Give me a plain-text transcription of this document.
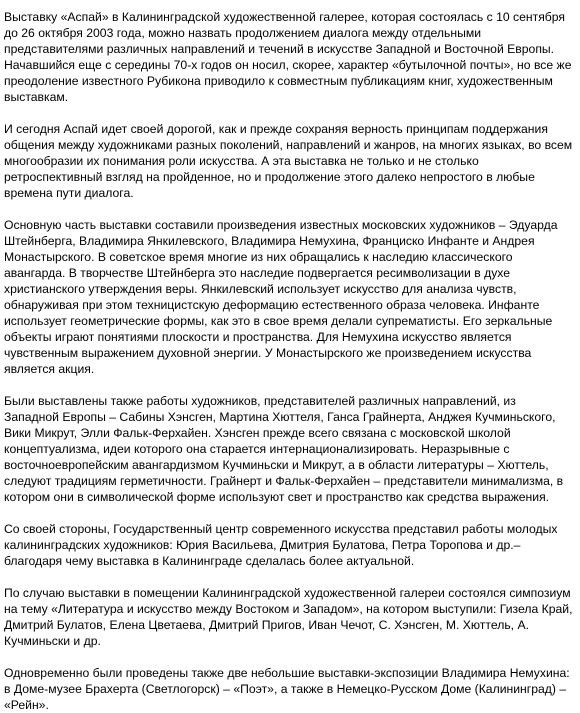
Выставку «Аспай» в Калининградской художественной галерее, которая состоялась с 10 сентября до 26 октября 2003 года, можно назвать продолжением диалога между отдельными представителями различных направлений и течений в искусстве Западной и Восточной Европы. Начавшийся еще с середины 70-х годов он носил, скорее, характер «бутылочной почты», но все же преодоление известного Рубикона приводило к совместным публикациям книг, художественным выставкам.

И сегодня Аспай идет своей дорогой, как и прежде сохраняя верность принципам поддержания общения между художниками разных поколений, направлений и жанров, на многих языках, во всем многообразии их понимания роли искусства. А эта выставка не только и не столько ретроспективный взгляд на пройденное, но и продолжение этого далеко непростого в любые времена пути диалога.

Основную часть выставки составили произведения известных московских художников – Эдуарда Штейнберга, Владимира Янкилевского, Владимира Немухина, Франциско Инфанте и Андрея Монастырского. В советское время многие из них обращались к наследию классического авангарда. В творчестве Штейнберга это наследие подвергается ресимволизации в духе христианского утверждения веры. Янкилевский использует искусство для анализа чувств, обнаруживая при этом техницистскую деформацию естественного образа человека. Инфанте использует геометрические формы, как это в свое время делали супрематисты. Его зеркальные объекты играют понятиями плоскости и пространства. Для Немухина искусство является чувственным выражением духовной энергии. У Монастырского же произведением искусства является акция.

Были выставлены также работы художников, представителей различных направлений, из Западной Европы – Сабины Хэнсген, Мартина Хюттеля, Ганса Грайнерта, Анджея Кучминьского, Вики Микрут, Элли Фальк-Ферхайен. Хэнсген прежде всего связана с московской школой концептуализма, идеи которого она старается интернационализировать. Неразрывные с восточноевропейским авангардизмом Кучминьски и Микрут, а в области литературы – Хюттель, следуют традициям герметичности. Грайнерт и Фальк-Ферхайен – представители минимализма, в котором они в символической форме используют свет и пространство как средства выражения.

Со своей стороны, Государственный центр современного искусства представил работы молодых калининградских художников: Юрия Васильева, Дмитрия Булатова, Петра Торопова и др.– благодаря чему выставка в Калининграде сделалась более актуальной.

По случаю выставки в помещении Калининградской художественной галереи состоялся симпозиум на тему «Литература и искусство между Востоком и Западом», на котором выступили: Гизела Край, Дмитрий Булатов, Елена Цветаева, Дмитрий Пригов, Иван Чечот, С. Хэнсген, М. Хюттель, А. Кучминьски и др.

Одновременно были проведены также две небольшие выставки-экспозиции Владимира Немухина: в Доме-музее Брахерта (Светлогорск) – «Поэт», а также в Немецко-Русском Доме (Калининград) – «Рейн».
